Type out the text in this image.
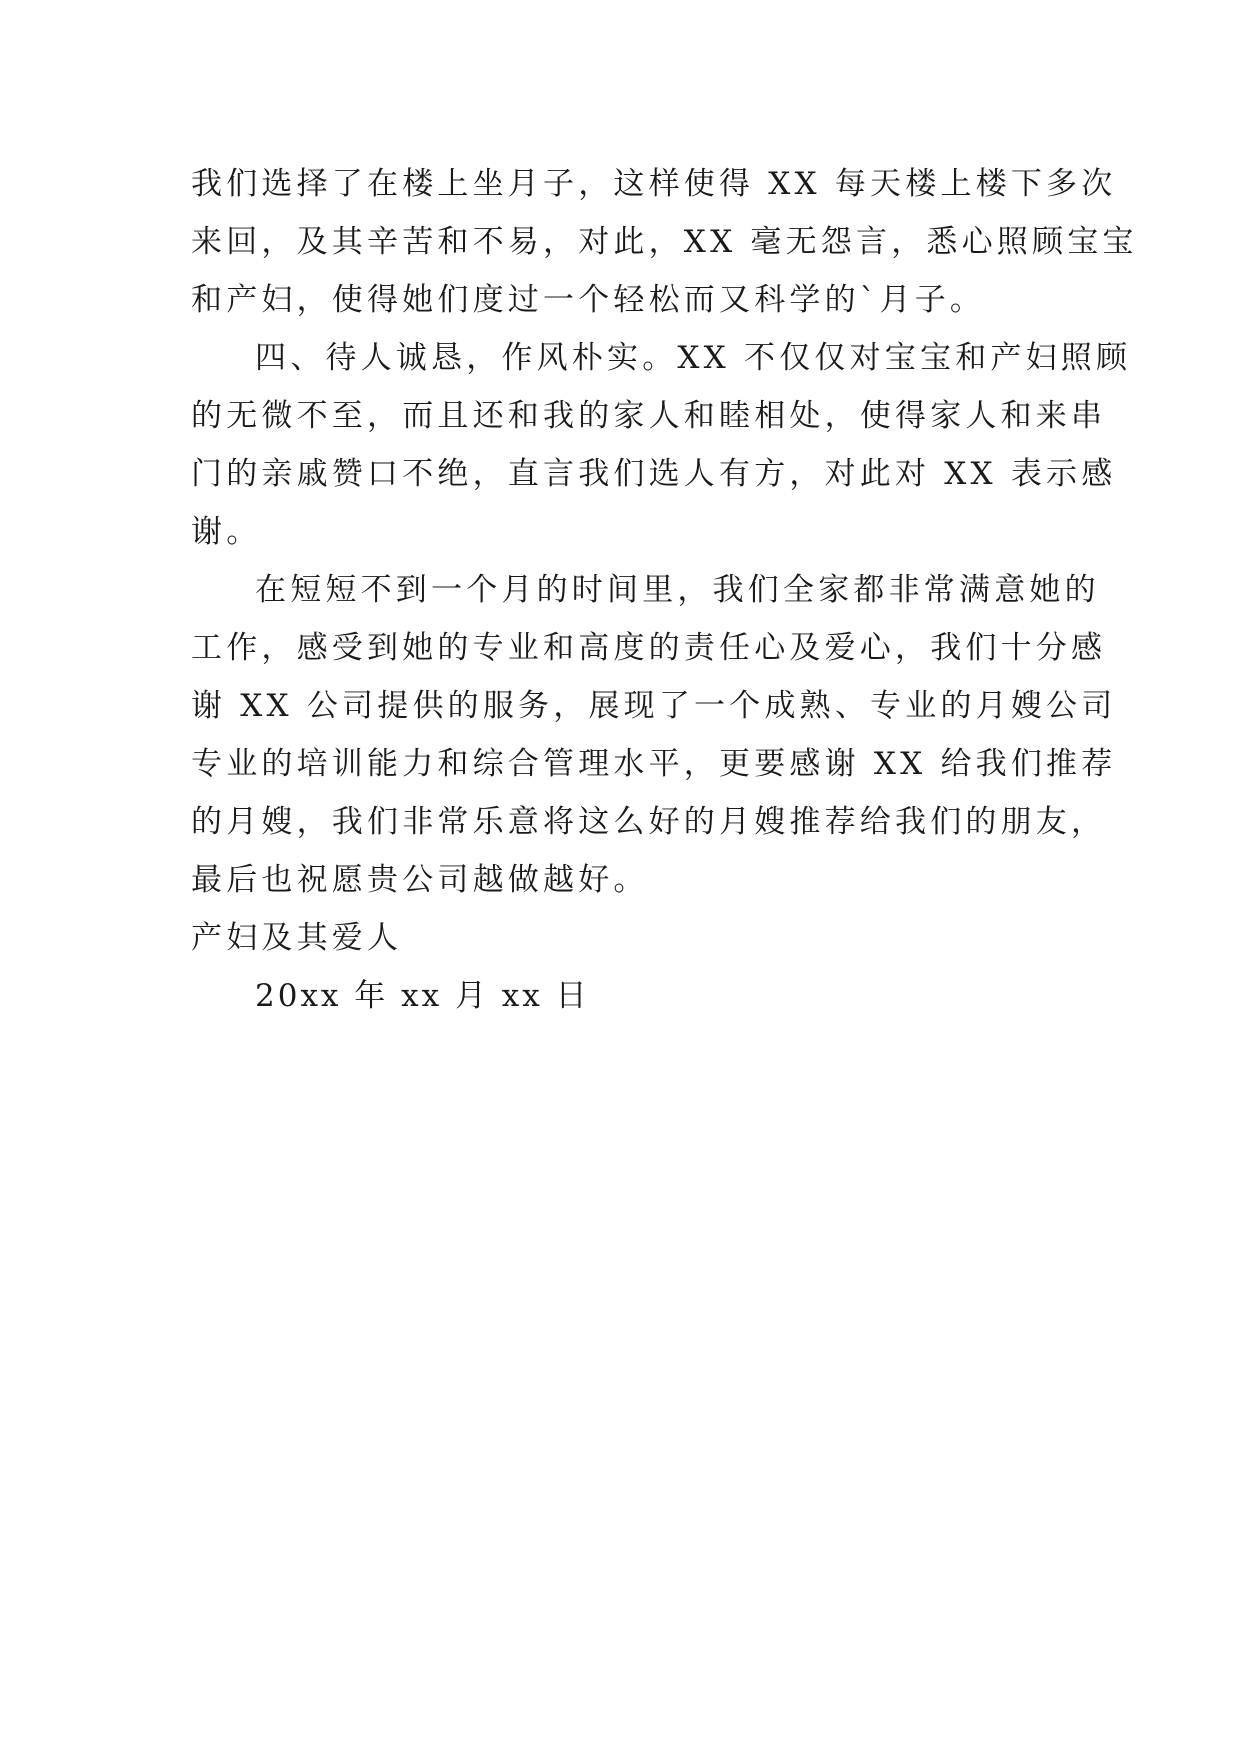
我们选择了在楼上坐月子，这样使得 XX 每天楼上楼下多次
来回，及其辛苦和不易，对此，XX 毫无怨言，悉心照顾宝宝
和产妇，使得她们度过一个轻松而又科学的`月子。
四、待人诚恳，作风朴实。XX 不仅仅对宝宝和产妇照顾
的无微不至，而且还和我的家人和睦相处，使得家人和来串
门的亲戚赞口不绝，直言我们选人有方，对此对 XX 表示感
谢。
在短短不到一个月的时间里，我们全家都非常满意她的
工作，感受到她的专业和高度的责任心及爱心，我们十分感
谢 XX 公司提供的服务，展现了一个成熟、专业的月嫂公司
专业的培训能力和综合管理水平，更要感谢 XX 给我们推荐
的月嫂，我们非常乐意将这么好的月嫂推荐给我们的朋友，
最后也祝愿贵公司越做越好。
产妇及其爱人
20xx 年 xx 月 xx 日
